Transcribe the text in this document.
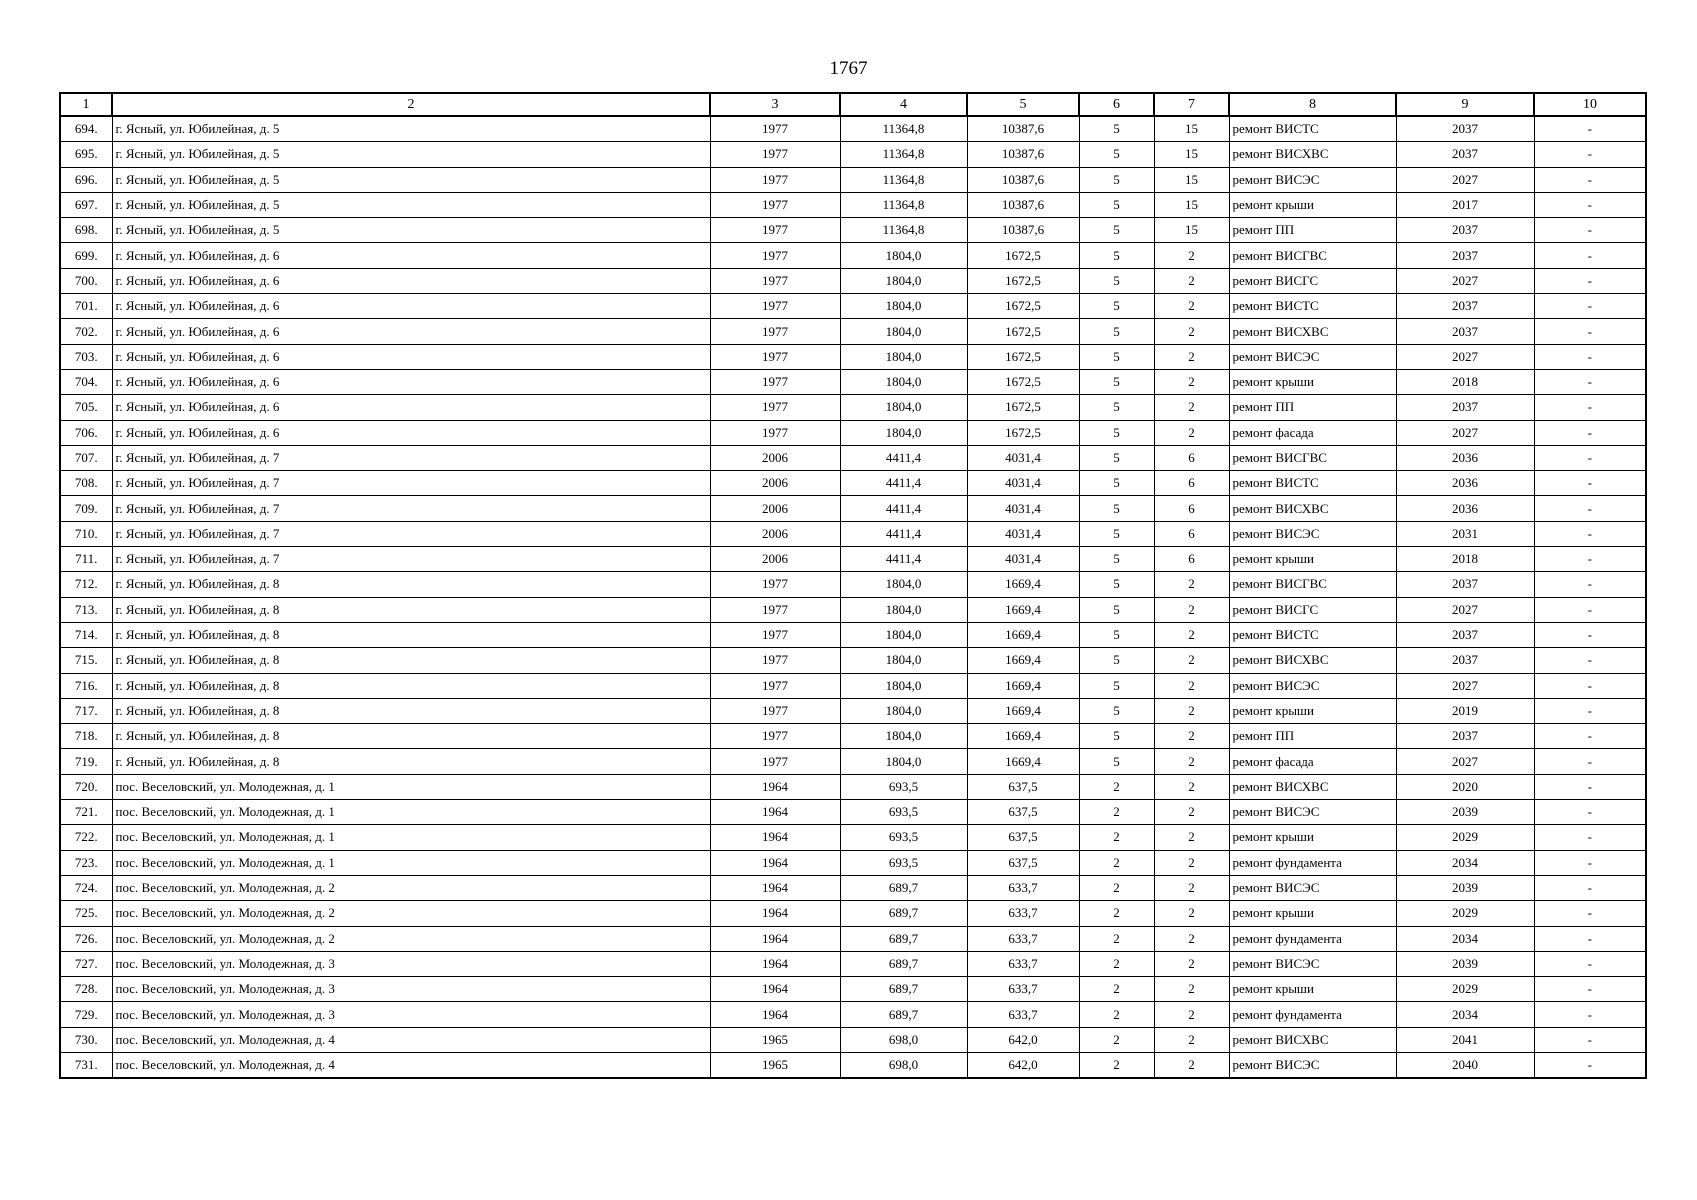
1767
1	2	3	4	5	6	7	8	9	10
694.	г. Ясный, ул. Юбилейная, д. 5	1977	11364,8	10387,6	5	15	ремонт ВИСТС	2037	-
695.	г. Ясный, ул. Юбилейная, д. 5	1977	11364,8	10387,6	5	15	ремонт ВИСХВС	2037	-
696.	г. Ясный, ул. Юбилейная, д. 5	1977	11364,8	10387,6	5	15	ремонт ВИСЭС	2027	-
697.	г. Ясный, ул. Юбилейная, д. 5	1977	11364,8	10387,6	5	15	ремонт крыши	2017	-
698.	г. Ясный, ул. Юбилейная, д. 5	1977	11364,8	10387,6	5	15	ремонт ПП	2037	-
699.	г. Ясный, ул. Юбилейная, д. 6	1977	1804,0	1672,5	5	2	ремонт ВИСГВС	2037	-
700.	г. Ясный, ул. Юбилейная, д. 6	1977	1804,0	1672,5	5	2	ремонт ВИСГС	2027	-
701.	г. Ясный, ул. Юбилейная, д. 6	1977	1804,0	1672,5	5	2	ремонт ВИСТС	2037	-
702.	г. Ясный, ул. Юбилейная, д. 6	1977	1804,0	1672,5	5	2	ремонт ВИСХВС	2037	-
703.	г. Ясный, ул. Юбилейная, д. 6	1977	1804,0	1672,5	5	2	ремонт ВИСЭС	2027	-
704.	г. Ясный, ул. Юбилейная, д. 6	1977	1804,0	1672,5	5	2	ремонт крыши	2018	-
705.	г. Ясный, ул. Юбилейная, д. 6	1977	1804,0	1672,5	5	2	ремонт ПП	2037	-
706.	г. Ясный, ул. Юбилейная, д. 6	1977	1804,0	1672,5	5	2	ремонт фасада	2027	-
707.	г. Ясный, ул. Юбилейная, д. 7	2006	4411,4	4031,4	5	6	ремонт ВИСГВС	2036	-
708.	г. Ясный, ул. Юбилейная, д. 7	2006	4411,4	4031,4	5	6	ремонт ВИСТС	2036	-
709.	г. Ясный, ул. Юбилейная, д. 7	2006	4411,4	4031,4	5	6	ремонт ВИСХВС	2036	-
710.	г. Ясный, ул. Юбилейная, д. 7	2006	4411,4	4031,4	5	6	ремонт ВИСЭС	2031	-
711.	г. Ясный, ул. Юбилейная, д. 7	2006	4411,4	4031,4	5	6	ремонт крыши	2018	-
712.	г. Ясный, ул. Юбилейная, д. 8	1977	1804,0	1669,4	5	2	ремонт ВИСГВС	2037	-
713.	г. Ясный, ул. Юбилейная, д. 8	1977	1804,0	1669,4	5	2	ремонт ВИСГС	2027	-
714.	г. Ясный, ул. Юбилейная, д. 8	1977	1804,0	1669,4	5	2	ремонт ВИСТС	2037	-
715.	г. Ясный, ул. Юбилейная, д. 8	1977	1804,0	1669,4	5	2	ремонт ВИСХВС	2037	-
716.	г. Ясный, ул. Юбилейная, д. 8	1977	1804,0	1669,4	5	2	ремонт ВИСЭС	2027	-
717.	г. Ясный, ул. Юбилейная, д. 8	1977	1804,0	1669,4	5	2	ремонт крыши	2019	-
718.	г. Ясный, ул. Юбилейная, д. 8	1977	1804,0	1669,4	5	2	ремонт ПП	2037	-
719.	г. Ясный, ул. Юбилейная, д. 8	1977	1804,0	1669,4	5	2	ремонт фасада	2027	-
720.	пос. Веселовский, ул. Молодежная, д. 1	1964	693,5	637,5	2	2	ремонт ВИСХВС	2020	-
721.	пос. Веселовский, ул. Молодежная, д. 1	1964	693,5	637,5	2	2	ремонт ВИСЭС	2039	-
722.	пос. Веселовский, ул. Молодежная, д. 1	1964	693,5	637,5	2	2	ремонт крыши	2029	-
723.	пос. Веселовский, ул. Молодежная, д. 1	1964	693,5	637,5	2	2	ремонт фундамента	2034	-
724.	пос. Веселовский, ул. Молодежная, д. 2	1964	689,7	633,7	2	2	ремонт ВИСЭС	2039	-
725.	пос. Веселовский, ул. Молодежная, д. 2	1964	689,7	633,7	2	2	ремонт крыши	2029	-
726.	пос. Веселовский, ул. Молодежная, д. 2	1964	689,7	633,7	2	2	ремонт фундамента	2034	-
727.	пос. Веселовский, ул. Молодежная, д. 3	1964	689,7	633,7	2	2	ремонт ВИСЭС	2039	-
728.	пос. Веселовский, ул. Молодежная, д. 3	1964	689,7	633,7	2	2	ремонт крыши	2029	-
729.	пос. Веселовский, ул. Молодежная, д. 3	1964	689,7	633,7	2	2	ремонт фундамента	2034	-
730.	пос. Веселовский, ул. Молодежная, д. 4	1965	698,0	642,0	2	2	ремонт ВИСХВС	2041	-
731.	пос. Веселовский, ул. Молодежная, д. 4	1965	698,0	642,0	2	2	ремонт ВИСЭС	2040	-
